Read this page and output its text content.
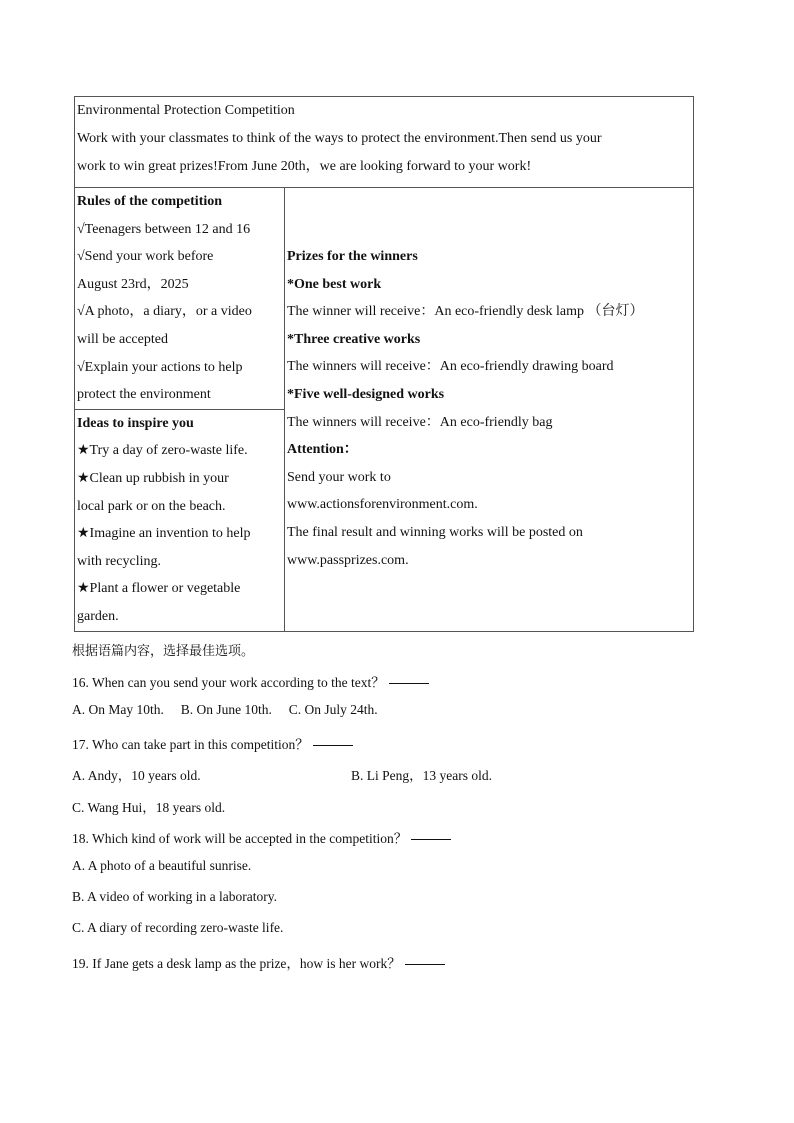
Environmental Protection Competition
Work with your classmates to think of the ways to protect the environment.Then send us your
work to win great prizes!From June 20th，we are looking forward to your work!
Rules of the competition
√Teenagers between 12 and 16
√Send your work before
August 23rd，2025
√A photo，a diary，or a video
will be accepted
√Explain your actions to help
protect the environment
Ideas to inspire you
★Try a day of zero-waste life.
★Clean up rubbish in your
local park or on the beach.
★Imagine an invention to help
with recycling.
★Plant a flower or vegetable
garden.
Prizes for the winners
*One best work
The winner will receive：An eco-friendly desk lamp （台灯）
*Three creative works
The winners will receive：An eco-friendly drawing board
*Five well-designed works
The winners will receive：An eco-friendly bag
Attention：
Send your work to
www.actionsforenvironment.com.
The final result and winning works will be posted on
www.passprizes.com.
根据语篇内容，选择最佳选项。
16. When can you send your work according to the text？
A. On May 10th.     B. On June 10th.     C. On July 24th.
17. Who can take part in this competition？
A. Andy，10 years old.	B. Li Peng，13 years old.
C. Wang Hui，18 years old.
18. Which kind of work will be accepted in the competition？
A. A photo of a beautiful sunrise.
B. A video of working in a laboratory.
C. A diary of recording zero-waste life.
19. If Jane gets a desk lamp as the prize，how is her work？
